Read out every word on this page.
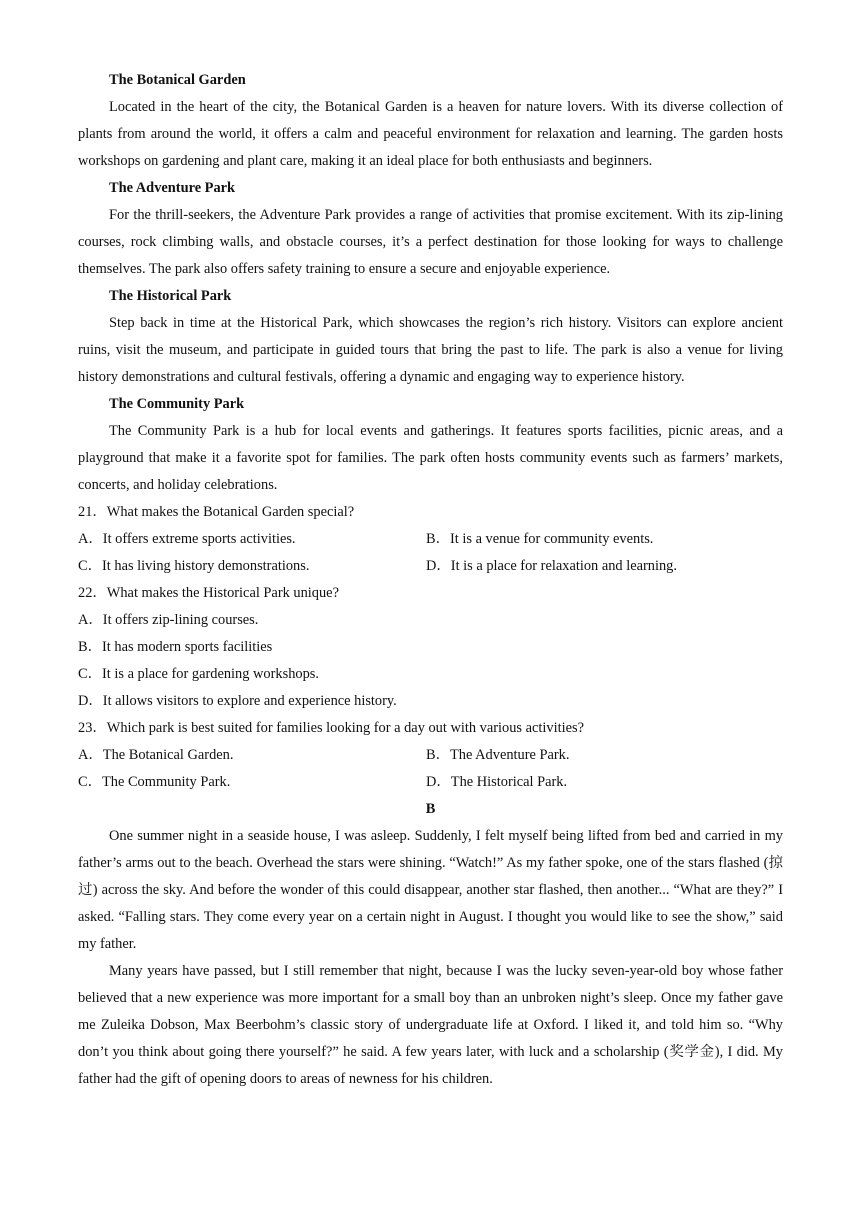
The Botanical Garden

Located in the heart of the city, the Botanical Garden is a heaven for nature lovers. With its diverse collection of plants from around the world, it offers a calm and peaceful environment for relaxation and learning. The garden hosts workshops on gardening and plant care, making it an ideal place for both enthusiasts and beginners.

The Adventure Park

For the thrill-seekers, the Adventure Park provides a range of activities that promise excitement. With its zip-lining courses, rock climbing walls, and obstacle courses, it’s a perfect destination for those looking for ways to challenge themselves. The park also offers safety training to ensure a secure and enjoyable experience.

The Historical Park

Step back in time at the Historical Park, which showcases the region’s rich history. Visitors can explore ancient ruins, visit the museum, and participate in guided tours that bring the past to life. The park is also a venue for living history demonstrations and cultural festivals, offering a dynamic and engaging way to experience history.

The Community Park

The Community Park is a hub for local events and gatherings. It features sports facilities, picnic areas, and a playground that make it a favorite spot for families. The park often hosts community events such as farmers’ markets, concerts, and holiday celebrations.

21．What makes the Botanical Garden special?
A．It offers extreme sports activities.	B．It is a venue for community events.
C．It has living history demonstrations.	D．It is a place for relaxation and learning.
22．What makes the Historical Park unique?
A．It offers zip-lining courses.
B．It has modern sports facilities
C．It is a place for gardening workshops.
D．It allows visitors to explore and experience history.
23．Which park is best suited for families looking for a day out with various activities?
A．The Botanical Garden.	B．The Adventure Park.
C．The Community Park.	D．The Historical Park.
B

One summer night in a seaside house, I was asleep. Suddenly, I felt myself being lifted from bed and carried in my father’s arms out to the beach. Overhead the stars were shining. “Watch!” As my father spoke, one of the stars flashed (掠过) across the sky. And before the wonder of this could disappear, another star flashed, then another... “What are they?” I asked. “Falling stars. They come every year on a certain night in August. I thought you would like to see the show,” said my father.

Many years have passed, but I still remember that night, because I was the lucky seven-year-old boy whose father believed that a new experience was more important for a small boy than an unbroken night’s sleep. Once my father gave me Zuleika Dobson, Max Beerbohm’s classic story of undergraduate life at Oxford. I liked it, and told him so. “Why don’t you think about going there yourself?” he said. A few years later, with luck and a scholarship (奖学金), I did. My father had the gift of opening doors to areas of newness for his children.
